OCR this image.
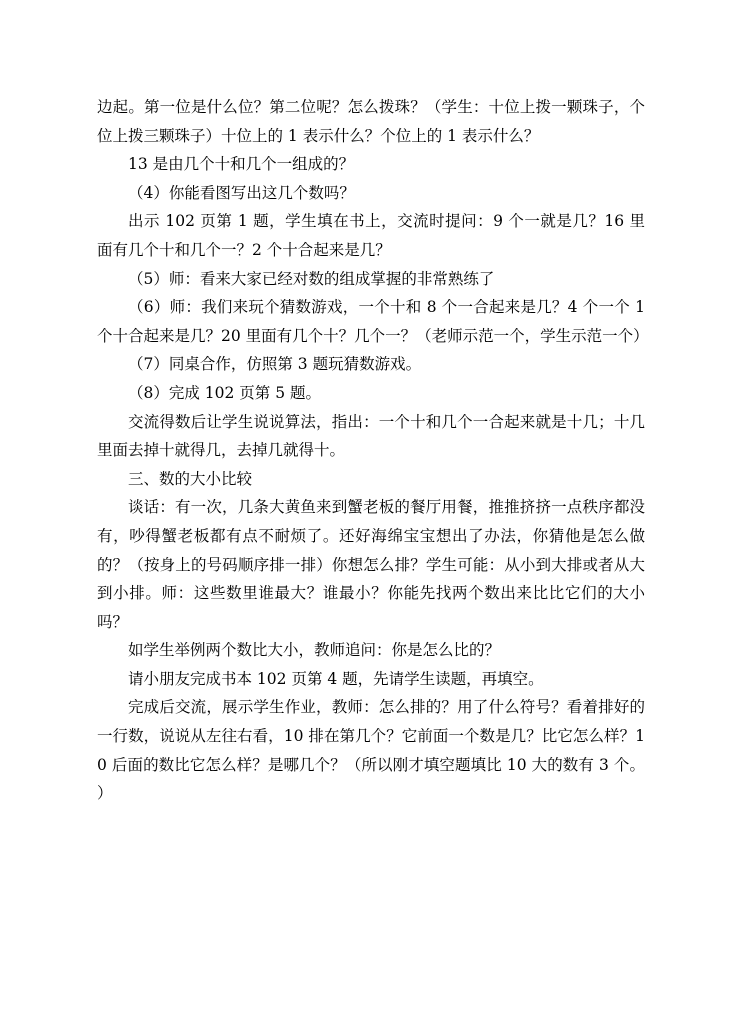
边起。第一位是什么位？第二位呢？怎么拨珠？（学生：十位上拨一颗珠子，个位上拨三颗珠子）十位上的 1 表示什么？个位上的 1 表示什么？

13 是由几个十和几个一组成的？

（4）你能看图写出这几个数吗？

出示 102 页第 1 题，学生填在书上，交流时提问：9 个一就是几？16 里面有几个十和几个一？2 个十合起来是几？

（5）师：看来大家已经对数的组成掌握的非常熟练了

（6）师：我们来玩个猜数游戏，一个十和 8 个一合起来是几？4 个一个 1 个十合起来是几？20 里面有几个十？几个一？（老师示范一个，学生示范一个）

（7）同桌合作，仿照第 3 题玩猜数游戏。

（8）完成 102 页第 5 题。

交流得数后让学生说说算法，指出：一个十和几个一合起来就是十几；十几里面去掉十就得几，去掉几就得十。

三、数的大小比较

谈话：有一次，几条大黄鱼来到蟹老板的餐厅用餐，推推挤挤一点秩序都没有，吵得蟹老板都有点不耐烦了。还好海绵宝宝想出了办法，你猜他是怎么做的？（按身上的号码顺序排一排）你想怎么排？学生可能：从小到大排或者从大到小排。师：这些数里谁最大？谁最小？你能先找两个数出来比比它们的大小吗？

如学生举例两个数比大小，教师追问：你是怎么比的？

请小朋友完成书本 102 页第 4 题，先请学生读题，再填空。

完成后交流，展示学生作业，教师：怎么排的？用了什么符号？看着排好的一行数，说说从左往右看，10 排在第几个？它前面一个数是几？比它怎么样？10 后面的数比它怎么样？是哪几个？（所以刚才填空题填比 10 大的数有 3 个。 ）
